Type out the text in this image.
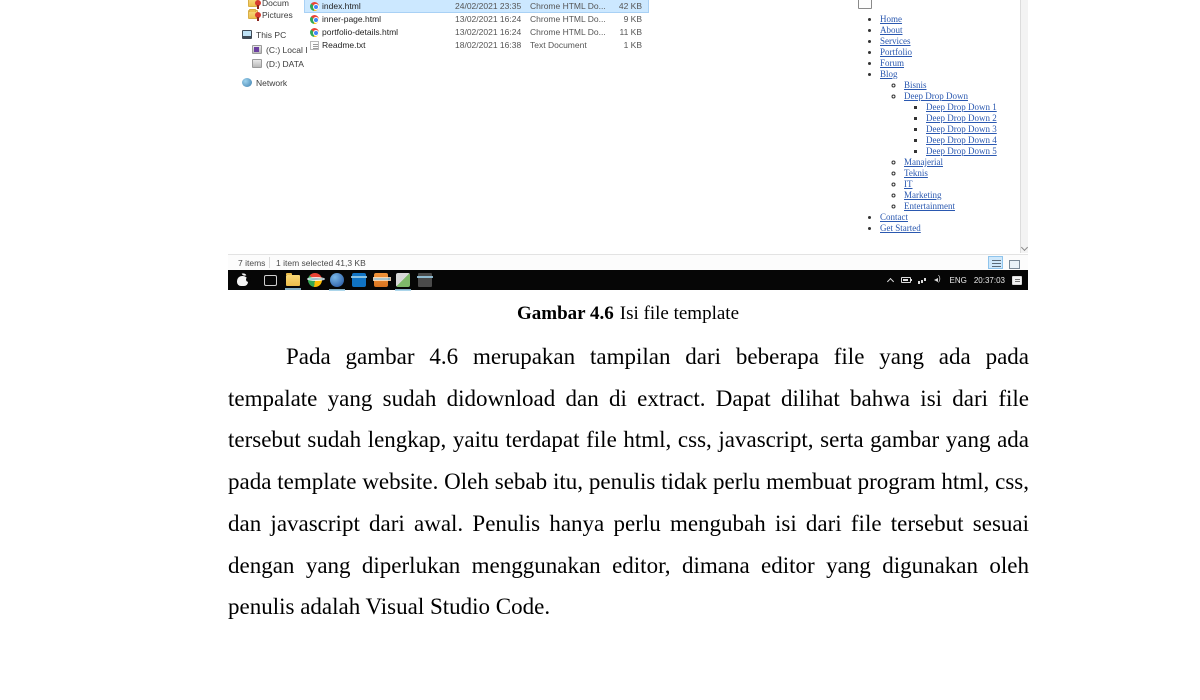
Docum
Pictures
This PC
(C:) Local I
(D:) DATA
Network
index.html	24/02/2021 23:35 Chrome HTML Do... 42 KB
inner-page.html	13/02/2021 16:24 Chrome HTML Do... 9 KB
portfolio-details.html	13/02/2021 16:24 Chrome HTML Do... 11 KB
Readme.txt	18/02/2021 16:38 Text Document	1 KB
• Home
• About
• Services
• Portfolio
• Forum
• Blog
◦ Bisnis
◦ Deep Drop Down
▪ Deep Drop Down 1
▪ Deep Drop Down 2
▪ Deep Drop Down 3
▪ Deep Drop Down 4
▪ Deep Drop Down 5
◦ Manajerial
◦ Teknis
◦ IT
◦ Marketing
◦ Entertainment
• Contact
• Get Started
7 items 1 item selected 41,3 KB
)
ENG 20:37:03
Gambar 4.6 Isi file template

Pada gambar 4.6 merupakan tampilan dari beberapa file yang ada pada tempalate yang sudah didownload dan di extract. Dapat dilihat bahwa isi dari file tersebut sudah lengkap, yaitu terdapat file html, css, javascript, serta gambar yang ada pada template website. Oleh sebab itu, penulis tidak perlu membuat program html, css, dan javascript dari awal. Penulis hanya perlu mengubah isi dari file tersebut sesuai dengan yang diperlukan menggunakan editor, dimana editor yang digunakan oleh penulis adalah Visual Studio Code.
